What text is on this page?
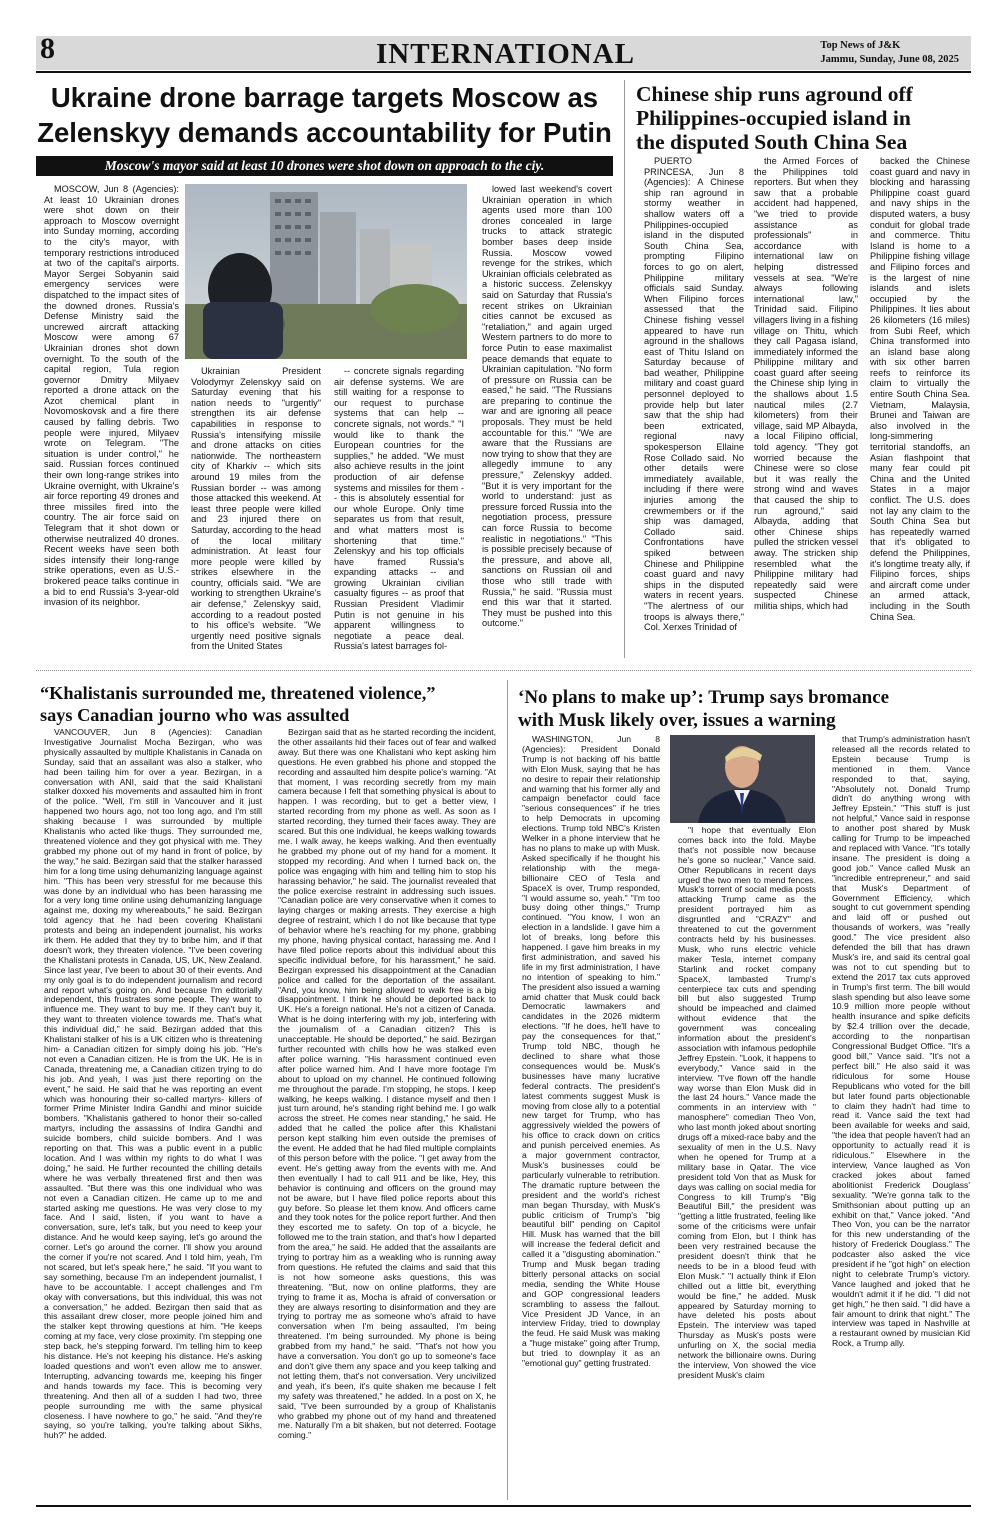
8	INTERNATIONAL	Top News of J&K
Jammu, Sunday, June 08, 2025
Ukraine drone barrage targets Moscow as
Zelenskyy demands accountability for Putin
Moscow's mayor said at least 10 drones were shot down on approach to the ciy.

MOSCOW, Jun 8 (Agencies): At least 10 Ukrainian drones were shot down on their approach to Moscow overnight into Sunday morning, according to the city's mayor, with temporary restrictions introduced at two of the capital's airports. Mayor Sergei Sobyanin said emergency services were dispatched to the impact sites of the downed drones. Russia's Defense Ministry said the uncrewed aircraft attacking Moscow were among 67 Ukrainian drones shot down overnight. To the south of the capital region, Tula region governor Dmitry Milyaev reported a drone attack on the Azot chemical plant in Novomoskovsk and a fire there caused by falling debris. Two people were injured, Milyaev wrote on Telegram. "The situation is under control," he said. Russian forces continued their own long-range strikes into Ukraine overnight, with Ukraine's air force reporting 49 drones and three missiles fired into the country. The air force said on Telegram that it shot down or otherwise neutralized 40 drones. Recent weeks have seen both sides intensify their long-range strike operations, even as U.S.-brokered peace talks continue in a bid to end Russia's 3-year-old invasion of its neighbor.

Ukrainian President Volodymyr Zelenskyy said on Saturday evening that his nation needs to "urgently" strengthen its air defense capabilities in response to Russia's intensifying missile and drone attacks on cities nationwide. The northeastern city of Kharkiv -- which sits around 19 miles from the Russian border -- was among those attacked this weekend. At least three people were killed and 23 injured there on Saturday, according to the head of the local military administration. At least four more people were killed by strikes elsewhere in the country, officials said. "We are working to strengthen Ukraine's air defense," Zelenskyy said, according to a readout posted to his office's website. "We urgently need positive signals from the United States

-- concrete signals regarding air defense systems. We are still waiting for a response to our request to purchase systems that can help -- concrete signals, not words." "I would like to thank the European countries for the supplies," he added. "We must also achieve results in the joint production of air defense systems and missiles for them -- this is absolutely essential for our whole Europe. Only time separates us from that result, and what matters most is shortening that time." Zelenskyy and his top officials have framed Russia's expanding attacks -- and growing Ukrainian civilian casualty figures -- as proof that Russian President Vladimir Putin is not genuine in his apparent willingness to negotiate a peace deal. Russia's latest barrages fol-

lowed last weekend's covert Ukrainian operation in which agents used more than 100 drones concealed in large trucks to attack strategic bomber bases deep inside Russia. Moscow vowed revenge for the strikes, which Ukrainian officials celebrated as a historic success. Zelenskyy said on Saturday that Russia's recent strikes on Ukrainian cities cannot be excused as "retaliation," and again urged Western partners to do more to force Putin to ease maximalist peace demands that equate to Ukrainian capitulation. "No form of pressure on Russia can be eased," he said. "The Russians are preparing to continue the war and are ignoring all peace proposals. They must be held accountable for this." "We are aware that the Russians are now trying to show that they are allegedly immune to any pressure," Zelenskyy added. "But it is very important for the world to understand: just as pressure forced Russia into the negotiation process, pressure can force Russia to become realistic in negotiations." "This is possible precisely because of the pressure, and above all, sanctions on Russian oil and those who still trade with Russia," he said. "Russia must end this war that it started. They must be pushed into this outcome."

Chinese ship runs aground off
Philippines-occupied island in
the disputed South China Sea

PUERTO PRINCESA, Jun 8 (Agencies): A Chinese ship ran aground in stormy weather in shallow waters off a Philippines-occupied island in the disputed South China Sea, prompting Filipino forces to go on alert, Philippine military officials said Sunday. When Filipino forces assessed that the Chinese fishing vessel appeared to have run aground in the shallows east of Thitu Island on Saturday because of bad weather, Philippine military and coast guard personnel deployed to provide help but later saw that the ship had been extricated, regional navy spokesperson Ellaine Rose Collado said. No other details were immediately available, including if there were injuries among the crewmembers or if the ship was damaged, Collado said. Confrontations have spiked between Chinese and Philippine coast guard and navy ships in the disputed waters in recent years. "The alertness of our troops is always there," Col. Xerxes Trinidad of

the Armed Forces of the Philippines told reporters. But when they saw that a probable accident had happened, "we tried to provide assistance as professionals" in accordance with international law on helping distressed vessels at sea. "We're always following international law," Trinidad said. Filipino villagers living in a fishing village on Thitu, which they call Pagasa island, immediately informed the Philippine military and coast guard after seeing the Chinese ship lying in the shallows about 1.5 nautical miles (2.7 kilometers) from their village, said MP Albayda, a local Filipino official, told agency. "They got worried because the Chinese were so close but it was really the strong wind and waves that caused the ship to run aground," said Albayda, adding that other Chinese ships pulled the stricken vessel away. The stricken ship resembled what the Philippine military had repeatedly said were suspected Chinese militia ships, which had

backed the Chinese coast guard and navy in blocking and harassing Philippine coast guard and navy ships in the disputed waters, a busy conduit for global trade and commerce. Thitu Island is home to a Philippine fishing village and Filipino forces and is the largest of nine islands and islets occupied by the Philippines. It lies about 26 kilometers (16 miles) from Subi Reef, which China transformed into an island base along with six other barren reefs to reinforce its claim to virtually the entire South China Sea. Vietnam, Malaysia, Brunei and Taiwan are also involved in the long-simmering territorial standoffs, an Asian flashpoint that many fear could pit China and the United States in a major conflict. The U.S. does not lay any claim to the South China Sea but has repeatedly warned that it's obligated to defend the Philippines, it's longtime treaty ally, if Filipino forces, ships and aircraft come under an armed attack, including in the South China Sea.

“Khalistanis surrounded me, threatened violence,”
says Canadian journo who was assulted

VANCOUVER, Jun 8 (Agencies): Canadian Investigative Journalist Mocha Bezirgan, who was physically assaulted by multiple Khalistanis in Canada on Sunday, said that an assailant was also a stalker, who had been tailing him for over a year. Bezirgan, in a conversation with ANI, said that the said Khalistani stalker doxxed his movements and assaulted him in front of the police. "Well, I'm still in Vancouver and it just happened two hours ago, not too long ago, and I'm still shaking because I was surrounded by multiple Khalistanis who acted like thugs. They surrounded me, threatened violence and they got physical with me. They grabbed my phone out of my hand in front of police, by the way," he said. Bezirgan said that the stalker harassed him for a long time using dehumanizing language against him. "This has been very stressful for me because this was done by an individual who has been harassing me for a very long time online using dehumanizing language against me, doxing my whereabouts," he said. Bezirgan told agency that he had been covering Khalistani protests and being an independent journalist, his works irk them. He added that they try to bribe him, and if that doesn't work, they threaten violence. "I've been covering the Khalistani protests in Canada, US, UK, New Zealand. Since last year, I've been to about 30 of their events. And my only goal is to do independent journalism and record and report what's going on. And because I'm editorially independent, this frustrates some people. They want to influence me. They want to buy me. If they can't buy it, they want to threaten violence towards me. That's what this individual did," he said. Bezirgan added that this Khalistani stalker of his is a UK citizen who is threatening him- a Canadian citizen for simply doing his job. "He's not even a Canadian citizen. He is from the UK. He is in Canada, threatening me, a Canadian citizen trying to do his job. And yeah, I was just there reporting on the event," he said. He said that he was reporting an event which was honouring their so-called martyrs- killers of former Prime Minister Indira Gandhi and minor suicide bombers. "Khalistanis gathered to honor their so-called martyrs, including the assassins of Indira Gandhi and suicide bombers, child suicide bombers. And I was reporting on that. This was a public event in a public location. And I was within my rights to do what I was doing," he said. He further recounted the chilling details where he was verbally threatened first and then was assaulted. "But there was this one individual who was not even a Canadian citizen. He came up to me and started asking me questions. He was very close to my face. And I said, listen, if you want to have a conversation, sure, let's talk, but you need to keep your distance. And he would keep saying, let's go around the corner. Let's go around the corner. I'll show you around the corner if you're not scared. And I told him, yeah, I'm not scared, but let's speak here," he said. "If you want to say something, because I'm an independent journalist, I have to be accountable. I accept challenges and I'm okay with conversations, but this individual, this was not a conversation," he added. Bezirgan then said that as this assailant drew closer, more people joined him and the stalker kept throwing questions at him. "He keeps coming at my face, very close proximity. I'm stepping one step back, he's stepping forward. I'm telling him to keep his distance. He's not keeping his distance. He's asking loaded questions and won't even allow me to answer. Interrupting, advancing towards me, keeping his finger and hands towards my face. This is becoming very threatening. And then all of a sudden I had two, three people surrounding me with the same physical closeness. I have nowhere to go," he said. "And they're saying, so you're talking, you're talking about Sikhs, huh?" he added.

Bezirgan said that as he started recording the incident, the other assailants hid their faces out of fear and walked away. But there was one Khalistani who kept asking him questions. He even grabbed his phone and stopped the recording and assaulted him despite police's warning. "At that moment, I was recording secretly from my main camera because I felt that something physical is about to happen. I was recording, but to get a better view, I started recording from my phone as well. As soon as I started recording, they turned their faces away. They are scared. But this one individual, he keeps walking towards me. I walk away, he keeps walking. And then eventually he grabbed my phone out of my hand for a moment. It stopped my recording. And when I turned back on, the police was engaging with him and telling him to stop his harassing behavior," he said. The journalist revealed that the police exercise restraint in addressing such issues. "Canadian police are very conservative when it comes to laying charges or making arrests. They exercise a high degree of restraint, which I do not like because that type of behavior where he's reaching for my phone, grabbing my phone, having physical contact, harassing me. And I have filed police reports about this individual about this specific individual before, for his harassment," he said. Bezirgan expressed his disappointment at the Canadian police and called for the deportation of the assailant. "And, you know, him being allowed to walk free is a big disappointment. I think he should be deported back to UK. He's a foreign national. He's not a citizen of Canada. What is he doing interfering with my job, interfering with the journalism of a Canadian citizen? This is unacceptable. He should be deported," he said. Bezirgan further recounted with chills how he was stalked even after police warning. "His harassment continued even after police warned him. And I have more footage I'm about to upload on my channel. He continued following me throughout the parade. I'm stopping, he stops. I keep walking, he keeps walking. I distance myself and then I just turn around, he's standing right behind me. I go walk across the street. He comes near standing," he said. He added that he called the police after this Khalistani person kept stalking him even outside the premises of the event. He added that he had filed multiple complaints of this person before with the police. "I get away from the event. He's getting away from the events with me. And then eventually I had to call 911 and be like, Hey, this behavior is continuing and officers on the ground may not be aware, but I have filed police reports about this guy before. So please let them know. And officers came and they took notes for the police report further. And then they escorted me to safety. On top of a bicycle, he followed me to the train station, and that's how I departed from the area," he said. He added that the assailants are trying to portray him as a weakling who is running away from questions. He refuted the claims and said that this is not how someone asks questions, this was threatening. "But, now on online platforms, they are trying to frame it as, Mocha is afraid of conversation or they are always resorting to disinformation and they are trying to portray me as someone who's afraid to have conversation when I'm being assaulted, I'm being threatened. I'm being surrounded. My phone is being grabbed from my hand," he said. "That's not how you have a conversation. You don't go up to someone's face and don't give them any space and you keep talking and not letting them, that's not conversation. Very uncivilized and yeah, it's been, it's quite shaken me because I felt my safety was threatened," he added. In a post on X, he said, "I've been surrounded by a group of Khalistanis who grabbed my phone out of my hand and threatened me. Naturally I'm a bit shaken, but not deterred. Footage coming."

‘No plans to make up’: Trump says bromance
with Musk likely over, issues a warning

WASHINGTON, Jun 8 (Agencies): President Donald Trump is not backing off his battle with Elon Musk, saying that he has no desire to repair their relationship and warning that his former ally and campaign benefactor could face "serious consequences" if he tries to help Democrats in upcoming elections. Trump told NBC's Kristen Welker in a phone interview that he has no plans to make up with Musk. Asked specifically if he thought his relationship with the mega-billionaire CEO of Tesla and SpaceX is over, Trump responded, "I would assume so, yeah." "I'm too busy doing other things," Trump continued. "You know, I won an election in a landslide. I gave him a lot of breaks, long before this happened. I gave him breaks in my first administration, and saved his life in my first administration, I have no intention of speaking to him." The president also issued a warning amid chatter that Musk could back Democratic lawmakers and candidates in the 2026 midterm elections. "If he does, he'll have to pay the consequences for that," Trump told NBC, though he declined to share what those consequences would be. Musk's businesses have many lucrative federal contracts. The president's latest comments suggest Musk is moving from close ally to a potential new target for Trump, who has aggressively wielded the powers of his office to crack down on critics and punish perceived enemies. As a major government contractor, Musk's businesses could be particularly vulnerable to retribution. The dramatic rupture between the president and the world's richest man began Thursday, with Musk's public criticism of Trump's "big beautiful bill" pending on Capitol Hill. Musk has warned that the bill will increase the federal deficit and called it a "disgusting abomination." Trump and Musk began trading bitterly personal attacks on social media, sending the White House and GOP congressional leaders scrambling to assess the fallout. Vice President JD Vance, in an interview Friday, tried to downplay the feud. He said Musk was making a "huge mistake" going after Trump, but tried to downplay it as an "emotional guy" getting frustrated.

"I hope that eventually Elon comes back into the fold. Maybe that's not possible now because he's gone so nuclear," Vance said. Other Republicans in recent days urged the two men to mend fences. Musk's torrent of social media posts attacking Trump came as the president portrayed him as disgruntled and "CRAZY" and threatened to cut the government contracts held by his businesses. Musk, who runs electric vehicle maker Tesla, internet company Starlink and rocket company SpaceX, lambasted Trump's centerpiece tax cuts and spending bill but also suggested Trump should be impeached and claimed without evidence that the government was concealing information about the president's association with infamous pedophile Jeffrey Epstein. "Look, it happens to everybody," Vance said in the interview. "I've flown off the handle way worse than Elon Musk did in the last 24 hours." Vance made the comments in an interview with " manosphere" comedian Theo Von, who last month joked about snorting drugs off a mixed-race baby and the sexuality of men in the U.S. Navy when he opened for Trump at a military base in Qatar. The vice president told Von that as Musk for days was calling on social media for Congress to kill Trump's "Big Beautiful Bill," the president was "getting a little frustrated, feeling like some of the criticisms were unfair coming from Elon, but I think has been very restrained because the president doesn't think that he needs to be in a blood feud with Elon Musk." "I actually think if Elon chilled out a little bit, everything would be fine," he added. Musk appeared by Saturday morning to have deleted his posts about Epstein. The interview was taped Thursday as Musk's posts were unfurling on X, the social media network the billionaire owns. During the interview, Von showed the vice president Musk's claim

that Trump's administration hasn't released all the records related to Epstein because Trump is mentioned in them. Vance responded to that, saying, "Absolutely not. Donald Trump didn't do anything wrong with Jeffrey Epstein." "This stuff is just not helpful," Vance said in response to another post shared by Musk calling for Trump to be impeached and replaced with Vance. "It's totally insane. The president is doing a good job." Vance called Musk an "incredible entrepreneur," and said that Musk's Department of Government Efficiency, which sought to cut government spending and laid off or pushed out thousands of workers, was "really good." The vice president also defended the bill that has drawn Musk's ire, and said its central goal was not to cut spending but to extend the 2017 tax cuts approved in Trump's first term. The bill would slash spending but also leave some 10.9 million more people without health insurance and spike deficits by $2.4 trillion over the decade, according to the nonpartisan Congressional Budget Office. "It's a good bill," Vance said. "It's not a perfect bill." He also said it was ridiculous for some House Republicans who voted for the bill but later found parts objectionable to claim they hadn't had time to read it. Vance said the text had been available for weeks and said, "the idea that people haven't had an opportunity to actually read it is ridiculous." Elsewhere in the interview, Vance laughed as Von cracked jokes about famed abolitionist Frederick Douglass' sexuality. "We're gonna talk to the Smithsonian about putting up an exhibit on that," Vance joked. "And Theo Von, you can be the narrator for this new understanding of the history of Frederick Douglass." The podcaster also asked the vice president if he "got high" on election night to celebrate Trump's victory. Vance laughed and joked that he wouldn't admit it if he did. "I did not get high," he then said. "I did have a fair amount to drink that night." The interview was taped in Nashville at a restaurant owned by musician Kid Rock, a Trump ally.
